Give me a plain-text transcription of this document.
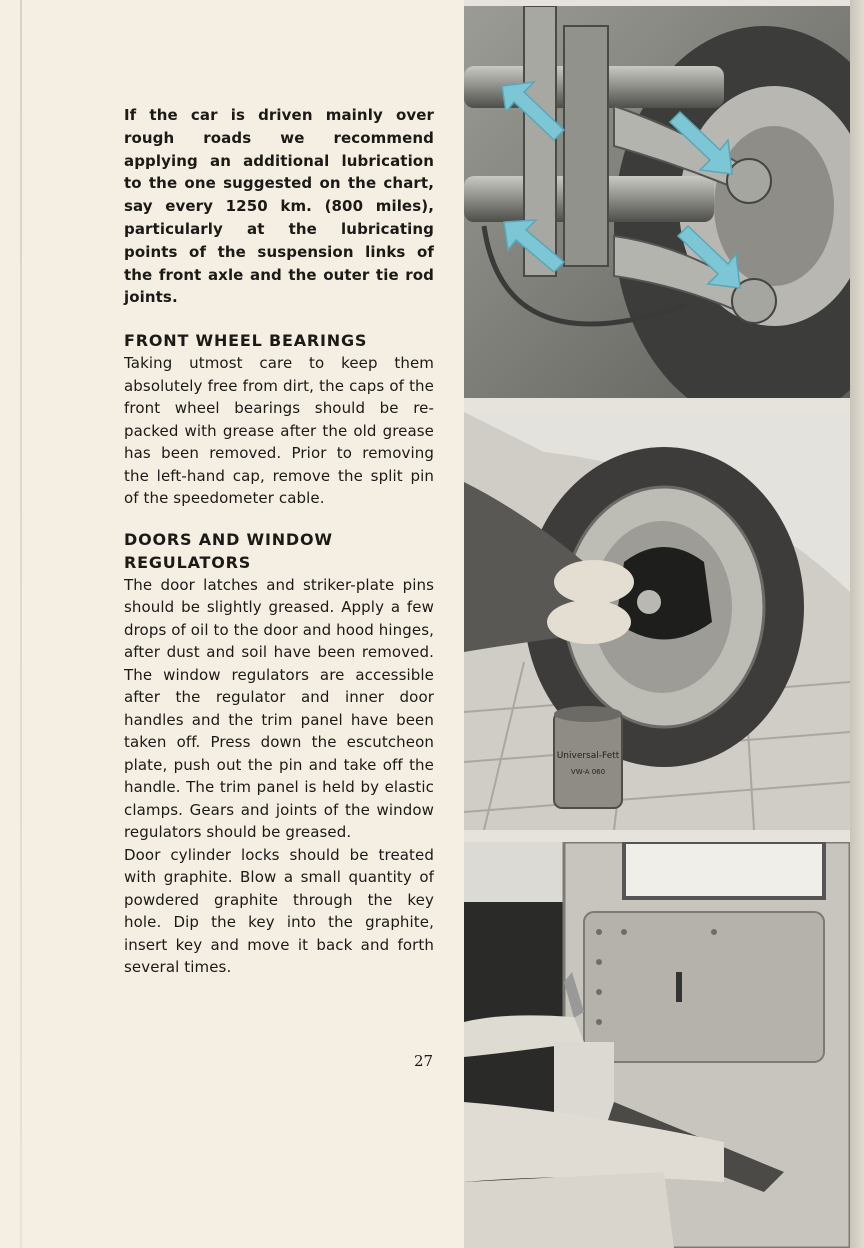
If the car is driven mainly over rough roads we recommend applying an additional lubrication to the one suggested on the chart, say every 1250 km. (800 miles), particularly at the lubricating points of the suspension links of the front axle and the outer tie rod joints.

FRONT WHEEL BEARINGS

Taking utmost care to keep them absolutely free from dirt, the caps of the front wheel bearings should be re-packed with grease after the old grease has been removed. Prior to removing the left-hand cap, remove the split pin of the speedometer cable.

DOORS AND WINDOW REGULATORS

The door latches and striker-plate pins should be slightly greased. Apply a few drops of oil to the door and hood hinges, after dust and soil have been removed. The window regulators are accessible after the regulator and inner door handles and the trim panel have been taken off. Press down the escutcheon plate, push out the pin and take off the handle. The trim panel is held by elastic clamps. Gears and joints of the window regulators should be greased.

Door cylinder locks should be treated with graphite. Blow a small quantity of powdered graphite through the key hole. Dip the key into the graphite, insert key and move it back and forth several times.

27
Universal-Fett
VW-A 060
